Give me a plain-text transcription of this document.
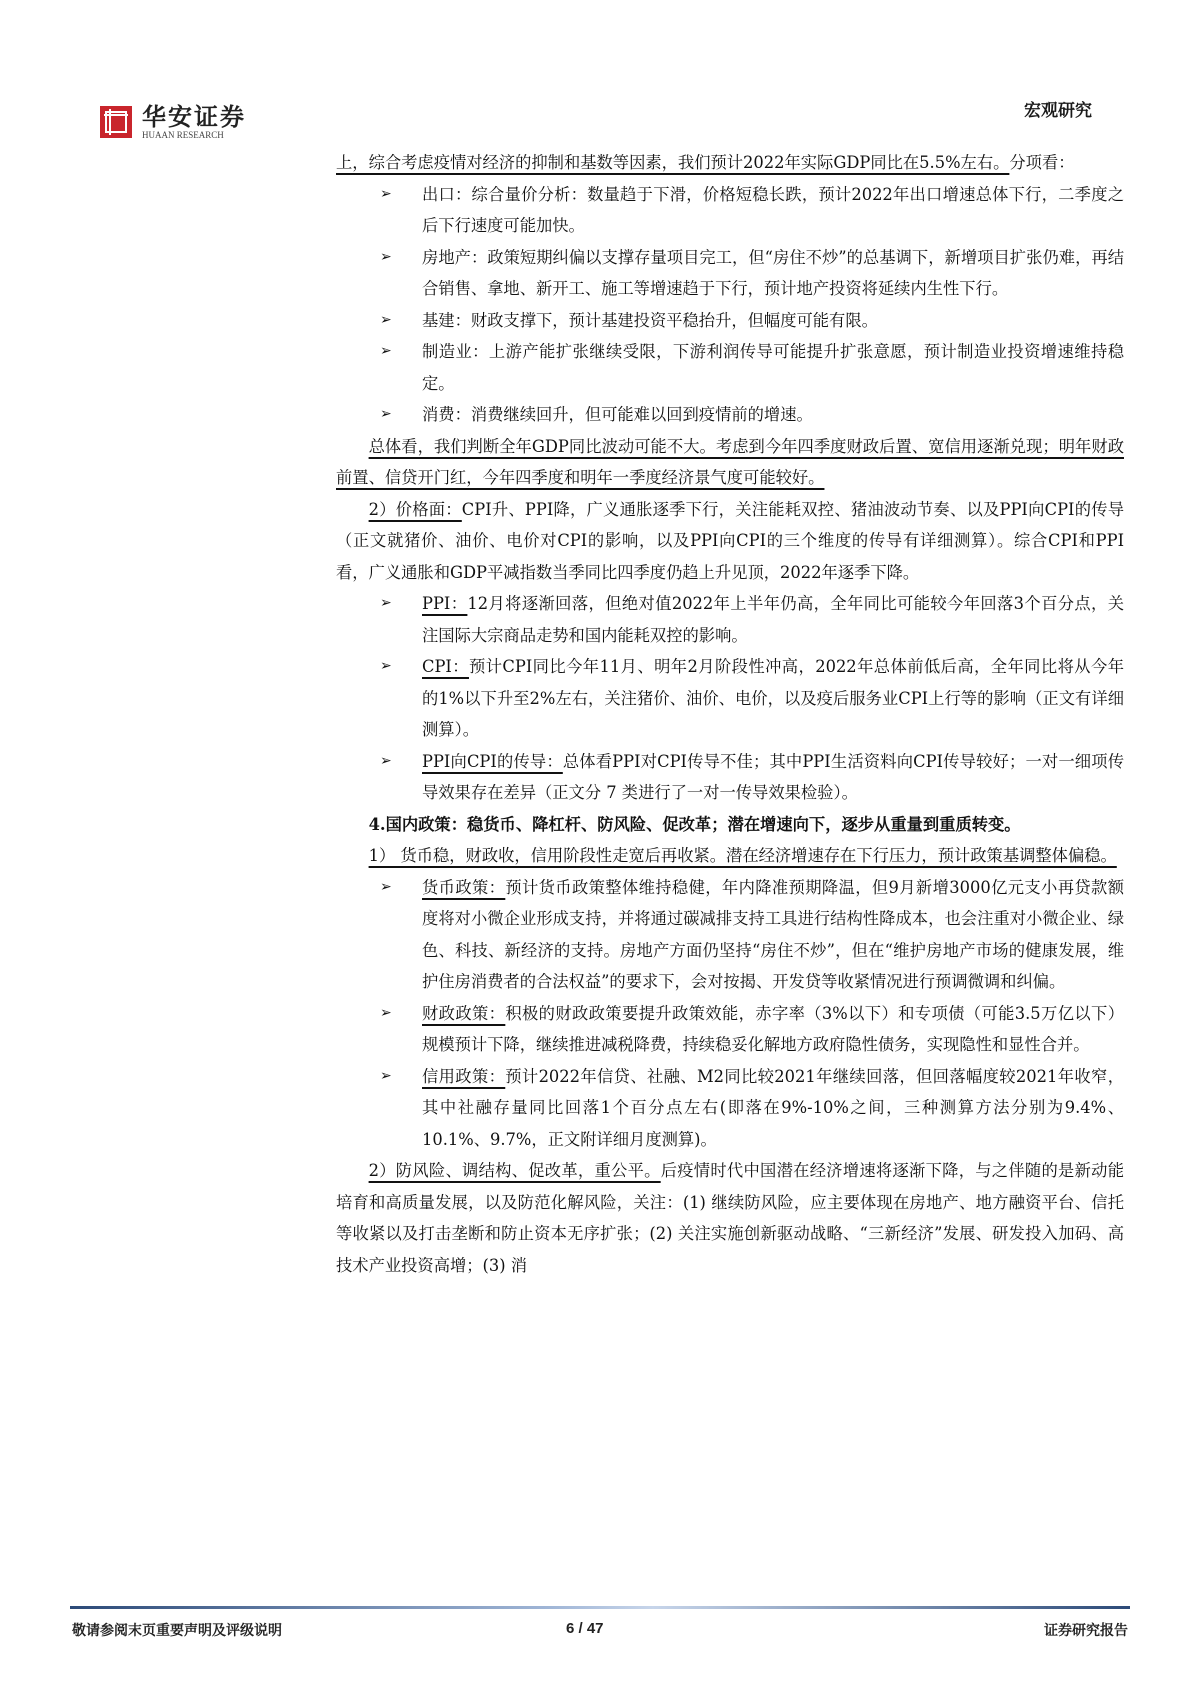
华安证券
HUAAN RESEARCH
宏观研究

上，综合考虑疫情对经济的抑制和基数等因素，我们预计2022年实际GDP同比在5.5%左右。分项看：

➢	出口：综合量价分析：数量趋于下滑，价格短稳长跌，预计2022年出口增速总体下行，二季度之后下行速度可能加快。
➢	房地产：政策短期纠偏以支撑存量项目完工，但“房住不炒”的总基调下，新增项目扩张仍难，再结合销售、拿地、新开工、施工等增速趋于下行，预计地产投资将延续内生性下行。
➢	基建：财政支撑下，预计基建投资平稳抬升，但幅度可能有限。
➢	制造业：上游产能扩张继续受限，下游利润传导可能提升扩张意愿，预计制造业投资增速维持稳定。
➢	消费：消费继续回升，但可能难以回到疫情前的增速。

总体看，我们判断全年GDP同比波动可能不大。考虑到今年四季度财政后置、宽信用逐渐兑现；明年财政前置、信贷开门红，今年四季度和明年一季度经济景气度可能较好。

2）价格面：CPI升、PPI降，广义通胀逐季下行，关注能耗双控、猪油波动节奏、以及PPI向CPI的传导（正文就猪价、油价、电价对CPI的影响，以及PPI向CPI的三个维度的传导有详细测算）。综合CPI和PPI看，广义通胀和GDP平减指数当季同比四季度仍趋上升见顶，2022年逐季下降。

➢	PPI：12月将逐渐回落，但绝对值2022年上半年仍高，全年同比可能较今年回落3个百分点，关注国际大宗商品走势和国内能耗双控的影响。
➢	CPI：预计CPI同比今年11月、明年2月阶段性冲高，2022年总体前低后高，全年同比将从今年的1%以下升至2%左右，关注猪价、油价、电价，以及疫后服务业CPI上行等的影响（正文有详细测算）。
➢	PPI向CPI的传导：总体看PPI对CPI传导不佳；其中PPI生活资料向CPI传导较好；一对一细项传导效果存在差异（正文分 7 类进行了一对一传导效果检验）。

4.国内政策：稳货币、降杠杆、防风险、促改革；潜在增速向下，逐步从重量到重质转变。

1） 货币稳，财政收，信用阶段性走宽后再收紧。潜在经济增速存在下行压力，预计政策基调整体偏稳。

➢	货币政策：预计货币政策整体维持稳健，年内降准预期降温，但9月新增3000亿元支小再贷款额度将对小微企业形成支持，并将通过碳减排支持工具进行结构性降成本，也会注重对小微企业、绿色、科技、新经济的支持。房地产方面仍坚持“房住不炒”，但在“维护房地产市场的健康发展，维护住房消费者的合法权益”的要求下，会对按揭、开发贷等收紧情况进行预调微调和纠偏。
➢	财政政策：积极的财政政策要提升政策效能，赤字率（3%以下）和专项债（可能3.5万亿以下）规模预计下降，继续推进减税降费，持续稳妥化解地方政府隐性债务，实现隐性和显性合并。
➢	信用政策：预计2022年信贷、社融、M2同比较2021年继续回落，但回落幅度较2021年收窄，其中社融存量同比回落1个百分点左右(即落在9%-10%之间，三种测算方法分别为9.4%、10.1%、9.7%，正文附详细月度测算)。

2）防风险、调结构、促改革，重公平。后疫情时代中国潜在经济增速将逐渐下降，与之伴随的是新动能培育和高质量发展，以及防范化解风险，关注：(1) 继续防风险，应主要体现在房地产、地方融资平台、信托等收紧以及打击垄断和防止资本无序扩张；(2) 关注实施创新驱动战略、“三新经济”发展、研发投入加码、高技术产业投资高增；(3) 消

敬请参阅末页重要声明及评级说明	6 / 47	证券研究报告
